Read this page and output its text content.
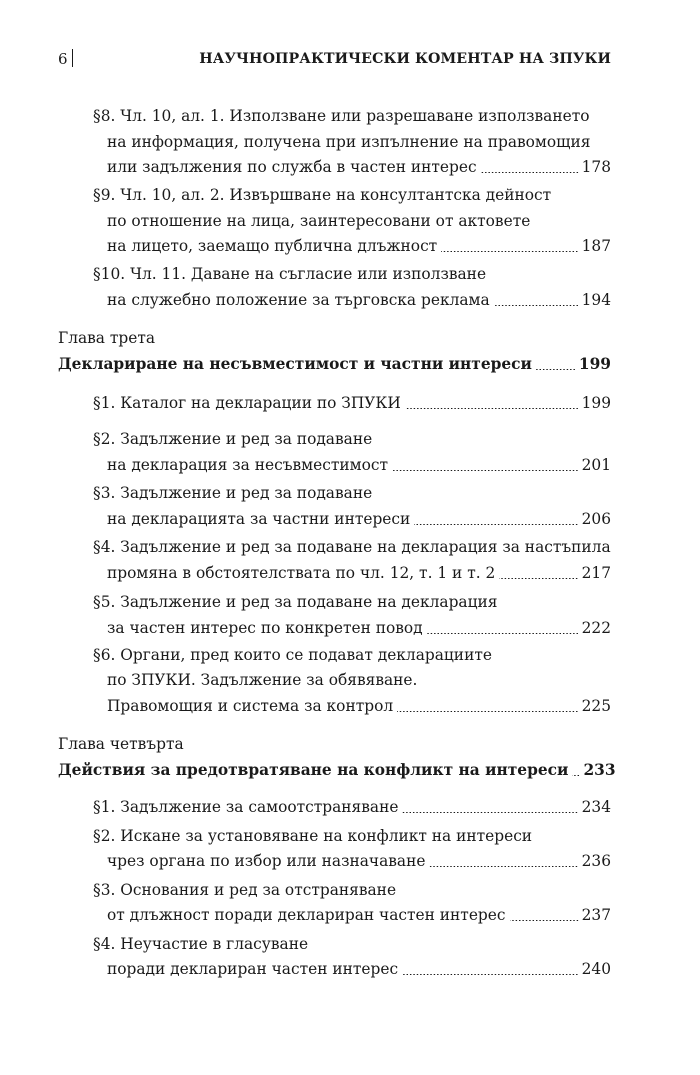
6	НАУЧНОПРАКТИЧЕСКИ КОМЕНТАР НА ЗПУКИ
§8. Чл. 10, ал. 1. Използване или разрешаване използването
на информация, получена при изпълнение на правомощия
или задължения по служба в частен интерес	178
§9. Чл. 10, ал. 2. Извършване на консултантска дейност
по отношение на лица, заинтересовани от актовете
на лицето, заемащо публична длъжност	187
§10. Чл. 11. Даване на съгласие или използване
на служебно положение за търговска реклама	194
Глава трета
Деклариране на несъвместимост и частни интереси	199
§1. Каталог на декларации по ЗПУКИ	199
§2. Задължение и ред за подаване
на декларация за несъвместимост	201
§3. Задължение и ред за подаване
на декларацията за частни интереси	206
§4. Задължение и ред за подаване на декларация за настъпила
промяна в обстоятелствата по чл. 12, т. 1 и т. 2	217
§5. Задължение и ред за подаване на декларация
за частен интерес по конкретен повод	222
§6. Органи, пред които се подават декларациите
по ЗПУКИ. Задължение за обявяване.
Правомощия и система за контрол	225
Глава четвърта
Действия за предотвратяване на конфликт на интереси 233
§1. Задължение за самоотстраняване	234
§2. Искане за установяване на конфликт на интереси
чрез органа по избор или назначаване	236
§3. Основания и ред за отстраняване
от длъжност поради деклариран частен интерес	237
§4. Неучастие в гласуване
поради деклариран частен интерес	240
